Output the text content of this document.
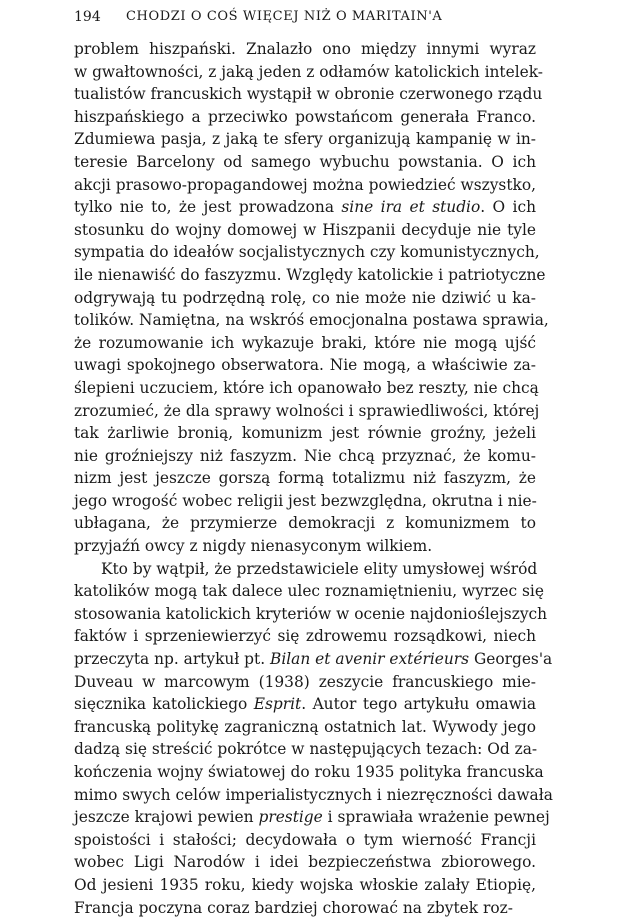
194 CHODZI O COŚ WIĘCEJ NIŻ O MARITAIN'A
problem hiszpański. Znalazło ono między innymi wyraz
w gwałtowności, z jaką jeden z odłamów katolickich intelek-
tualistów francuskich wystąpił w obronie czerwonego rządu
hiszpańskiego a przeciwko powstańcom generała Franco.
Zdumiewa pasja, z jaką te sfery organizują kampanię w in-
teresie Barcelony od samego wybuchu powstania. O ich
akcji prasowo-propagandowej można powiedzieć wszystko,
tylko nie to, że jest prowadzona sine ira et studio. O ich
stosunku do wojny domowej w Hiszpanii decyduje nie tyle
sympatia do ideałów socjalistycznych czy komunistycznych,
ile nienawiść do faszyzmu. Względy katolickie i patriotyczne
odgrywają tu podrzędną rolę, co nie może nie dziwić u ka-
tolików. Namiętna, na wskróś emocjonalna postawa sprawia,
że rozumowanie ich wykazuje braki, które nie mogą ujść
uwagi spokojnego obserwatora. Nie mogą, a właściwie za-
ślepieni uczuciem, które ich opanowało bez reszty, nie chcą
zrozumieć, że dla sprawy wolności i sprawiedliwości, której
tak żarliwie bronią, komunizm jest równie groźny, jeżeli
nie groźniejszy niż faszyzm. Nie chcą przyznać, że komu-
nizm jest jeszcze gorszą formą totalizmu niż faszyzm, że
jego wrogość wobec religii jest bezwzględna, okrutna i nie-
ubłagana, że przymierze demokracji z komunizmem to
przyjaźń owcy z nigdy nienasyconym wilkiem.
Kto by wątpił, że przedstawiciele elity umysłowej wśród
katolików mogą tak dalece ulec roznamiętnieniu, wyrzec się
stosowania katolickich kryteriów w ocenie najdonioślejszych
faktów i sprzeniewierzyć się zdrowemu rozsądkowi, niech
przeczyta np. artykuł pt. Bilan et avenir extérieurs Georges'a
Duveau w marcowym (1938) zeszycie francuskiego mie-
sięcznika katolickiego Esprit. Autor tego artykułu omawia
francuską politykę zagraniczną ostatnich lat. Wywody jego
dadzą się streścić pokrótce w następujących tezach: Od za-
kończenia wojny światowej do roku 1935 polityka francuska
mimo swych celów imperialistycznych i niezręczności dawała
jeszcze krajowi pewien prestige i sprawiała wrażenie pewnej
spoistości i stałości; decydowała o tym wierność Francji
wobec Ligi Narodów i idei bezpieczeństwa zbiorowego.
Od jesieni 1935 roku, kiedy wojska włoskie zalały Etiopię,
Francja poczyna coraz bardziej chorować na zbytek roz-
